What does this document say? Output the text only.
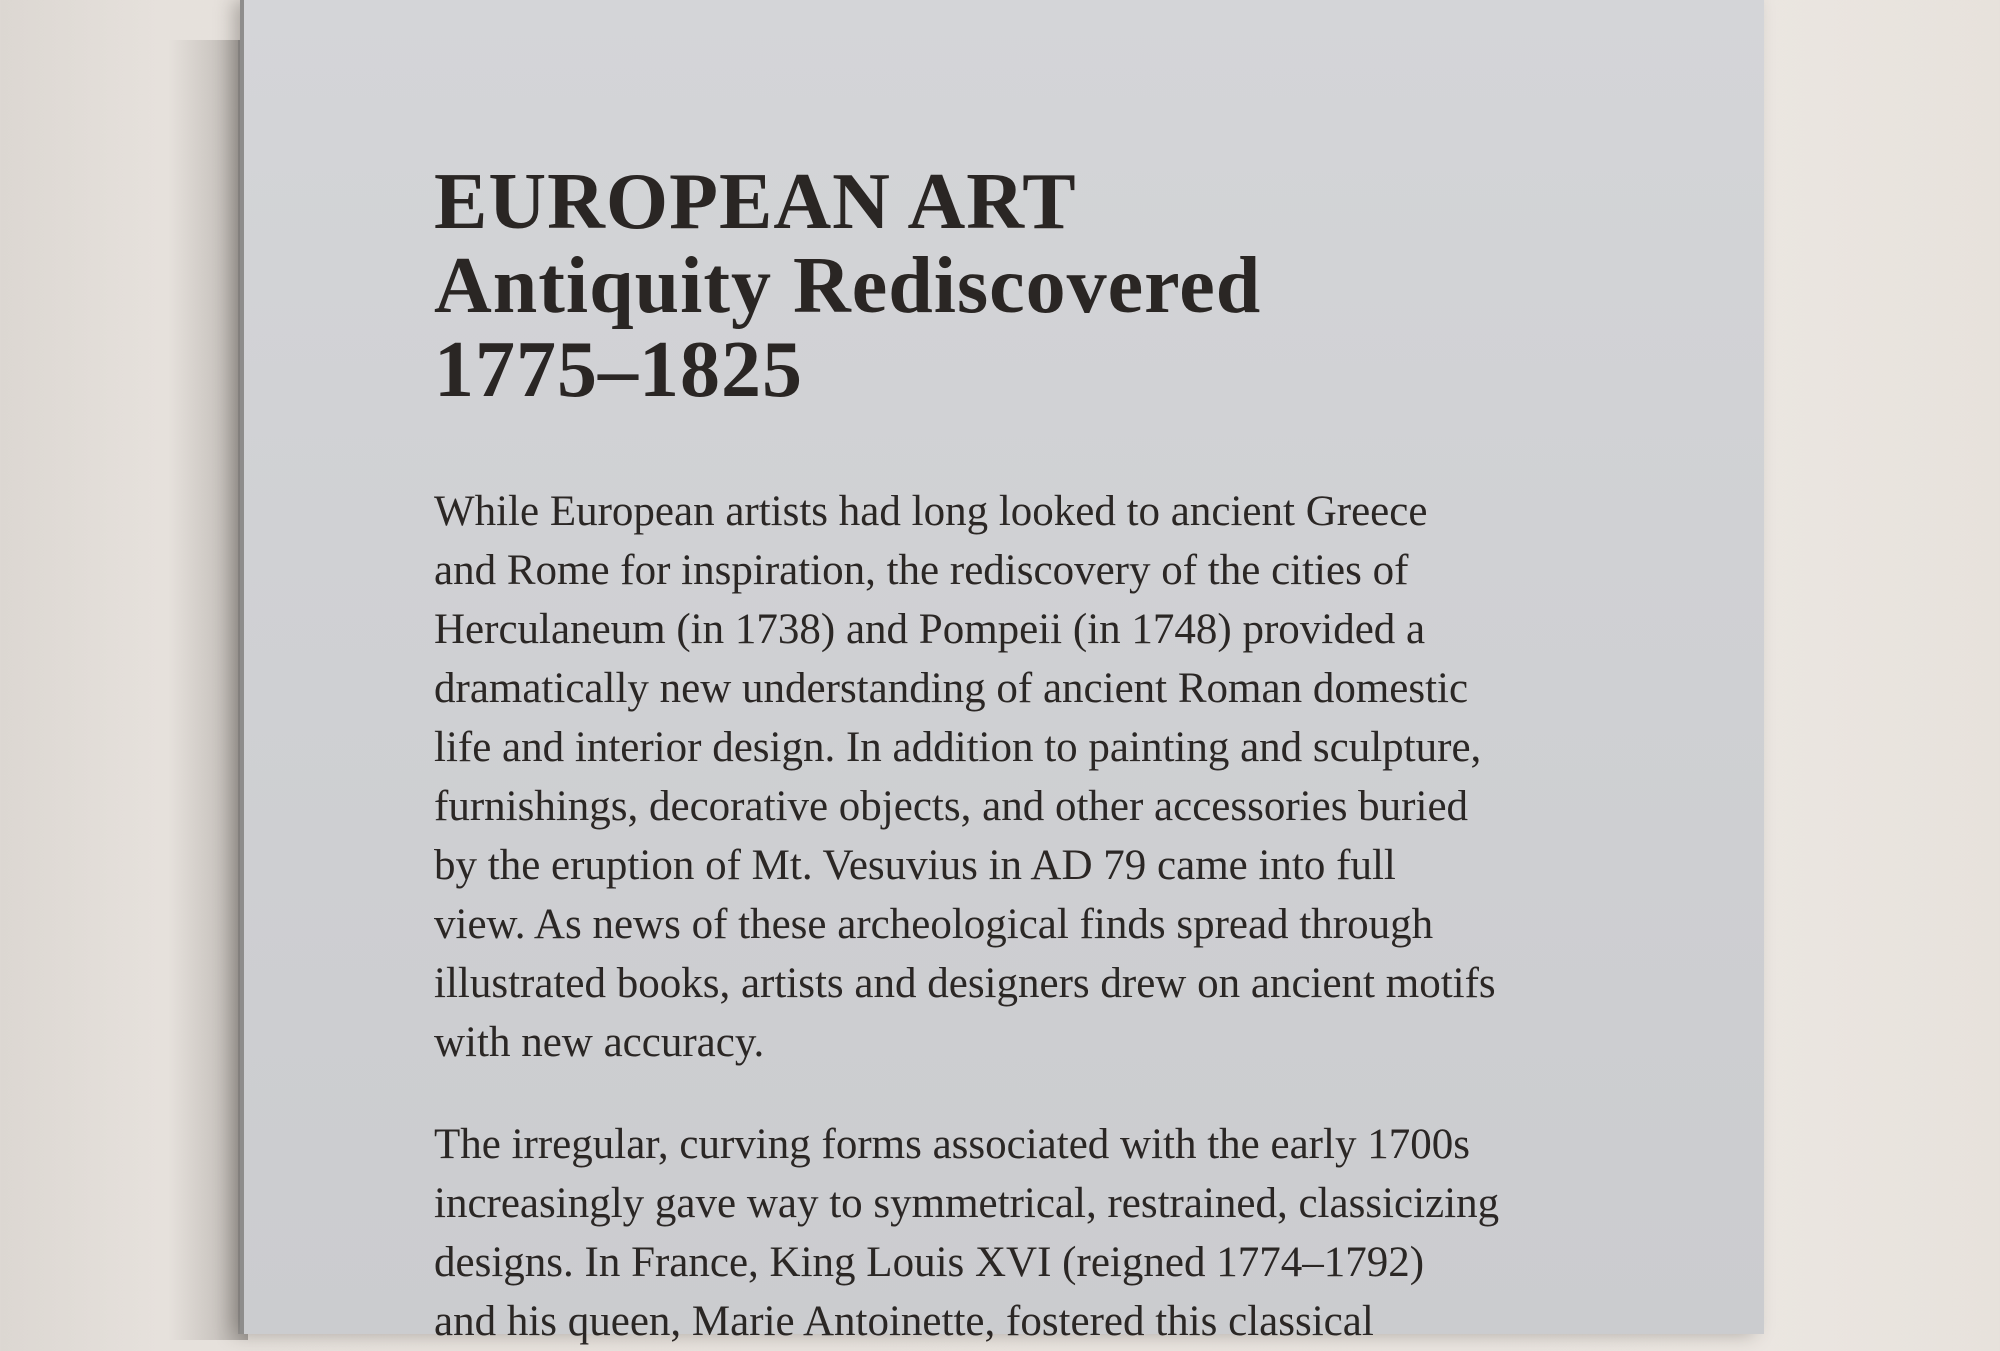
EUROPEAN ART
Antiquity Rediscovered
1775–1825

While European artists had long looked to ancient Greece
and Rome for inspiration, the rediscovery of the cities of
Herculaneum (in 1738) and Pompeii (in 1748) provided a
dramatically new understanding of ancient Roman domestic
life and interior design. In addition to painting and sculpture,
furnishings, decorative objects, and other accessories buried
by the eruption of Mt. Vesuvius in AD 79 came into full
view. As news of these archeological finds spread through
illustrated books, artists and designers drew on ancient motifs
with new accuracy.

The irregular, curving forms associated with the early 1700s
increasingly gave way to symmetrical, restrained, classicizing
designs. In France, King Louis XVI (reigned 1774–1792)
and his queen, Marie Antoinette, fostered this classical
